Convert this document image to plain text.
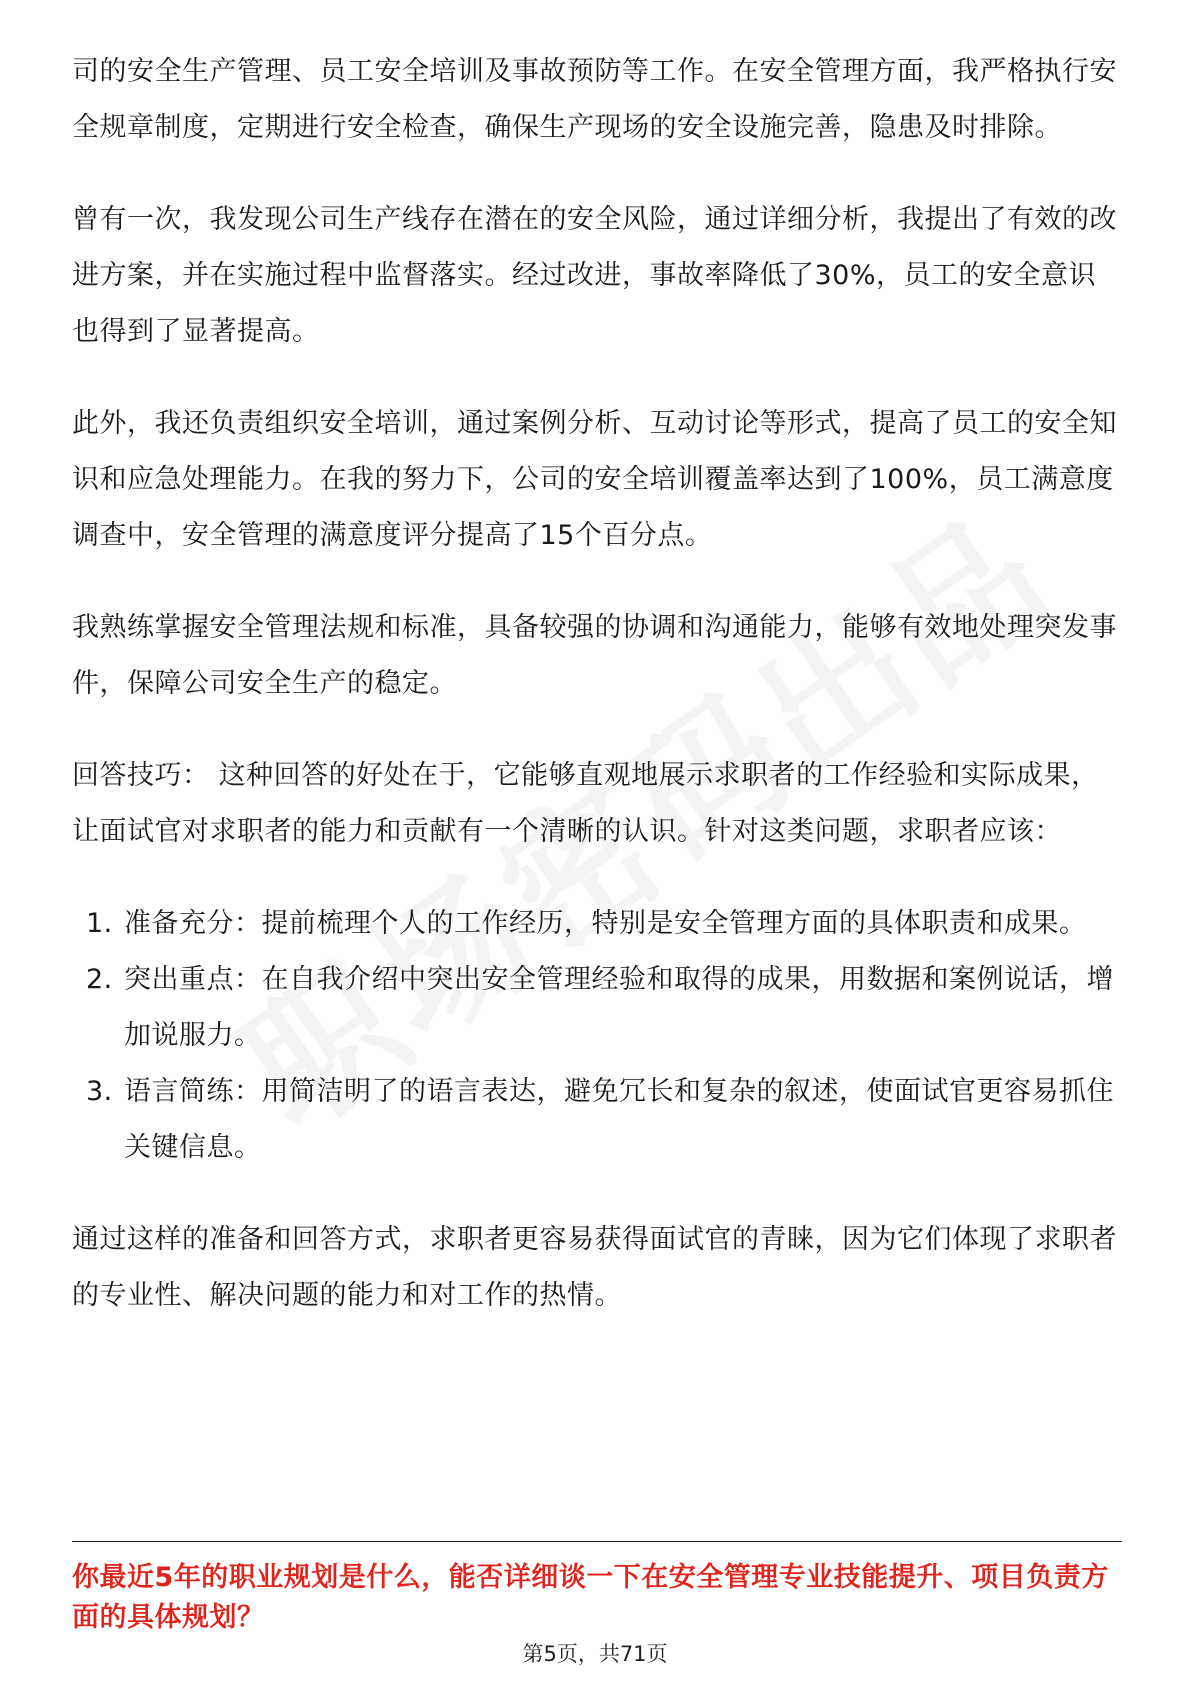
司的安全生产管理、员工安全培训及事故预防等工作。在安全管理方面，我严格执行安全规章制度，定期进行安全检查，确保生产现场的安全设施完善，隐患及时排除。

曾有一次，我发现公司生产线存在潜在的安全风险，通过详细分析，我提出了有效的改进方案，并在实施过程中监督落实。经过改进，事故率降低了30%，员工的安全意识也得到了显著提高。

此外，我还负责组织安全培训，通过案例分析、互动讨论等形式，提高了员工的安全知识和应急处理能力。在我的努力下，公司的安全培训覆盖率达到了100%，员工满意度调查中，安全管理的满意度评分提高了15个百分点。

我熟练掌握安全管理法规和标准，具备较强的协调和沟通能力，能够有效地处理突发事件，保障公司安全生产的稳定。

回答技巧： 这种回答的好处在于，它能够直观地展示求职者的工作经验和实际成果，让面试官对求职者的能力和贡献有一个清晰的认识。针对这类问题，求职者应该：

1. 准备充分：提前梳理个人的工作经历，特别是安全管理方面的具体职责和成果。
2. 突出重点：在自我介绍中突出安全管理经验和取得的成果，用数据和案例说话，增加说服力。
3. 语言简练：用简洁明了的语言表达，避免冗长和复杂的叙述，使面试官更容易抓住关键信息。

通过这样的准备和回答方式，求职者更容易获得面试官的青睐，因为它们体现了求职者的专业性、解决问题的能力和对工作的热情。

你最近5年的职业规划是什么，能否详细谈一下在安全管理专业技能提升、项目负责方面的具体规划？
第5页，共71页
